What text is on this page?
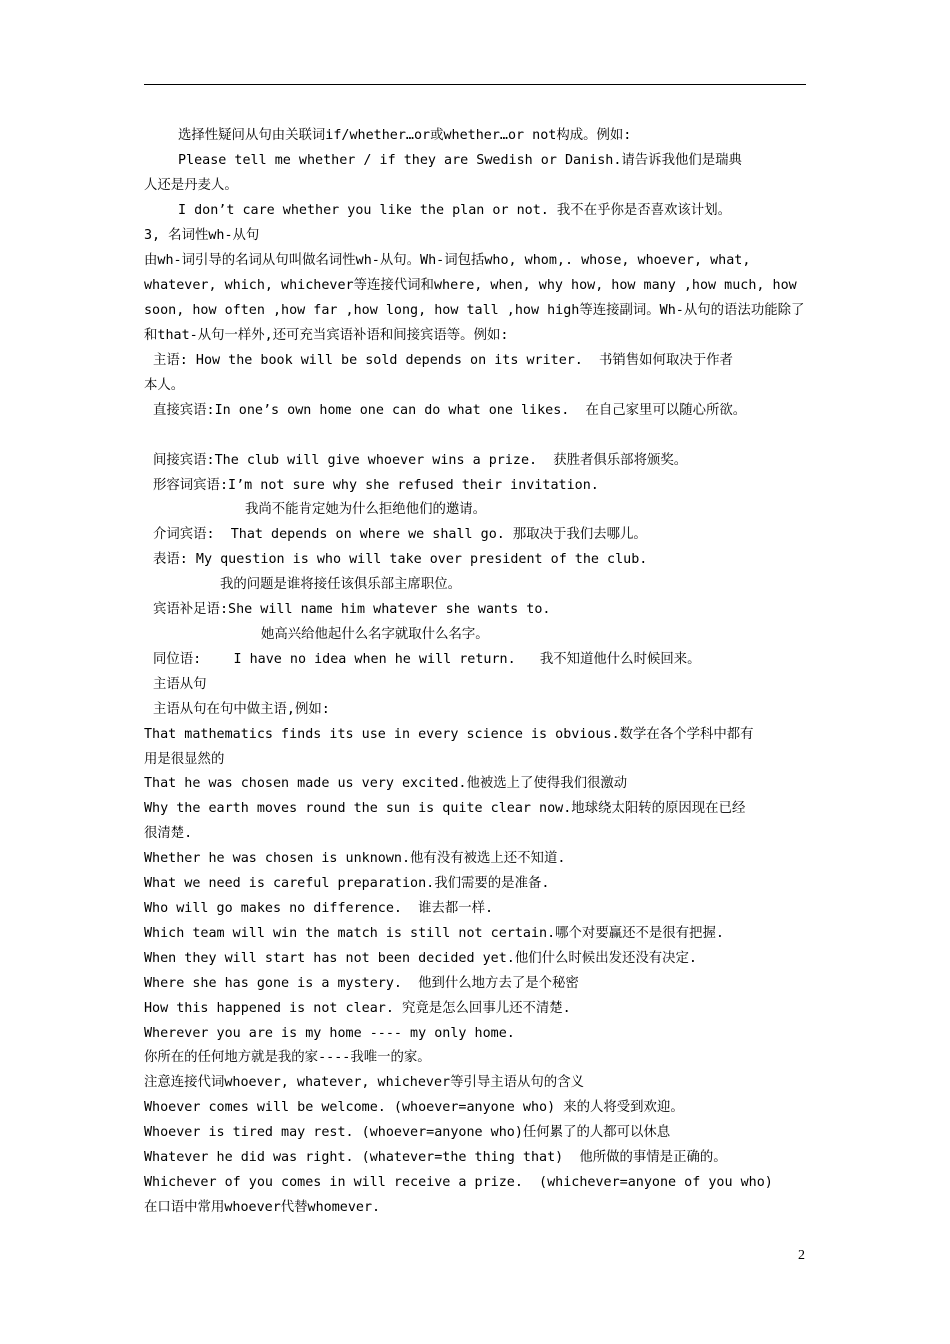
选择性疑问从句由关联词if/whether…or或whether…or not构成。例如:
Please tell me whether / if they are Swedish or Danish.请告诉我他们是瑞典
人还是丹麦人。
I don’t care whether you like the plan or not. 我不在乎你是否喜欢该计划。
3, 名词性wh-从句
由wh-词引导的名词从句叫做名词性wh-从句。Wh-词包括who, whom,. whose, whoever, what,
whatever, which, whichever等连接代词和where, when, why how, how many ,how much, how
soon, how often ,how far ,how long, how tall ,how high等连接副词。Wh-从句的语法功能除了
和that-从句一样外,还可充当宾语补语和间接宾语等。例如:
主语: How the book will be sold depends on its writer.  书销售如何取决于作者
本人。
直接宾语:In one’s own home one can do what one likes.  在自己家里可以随心所欲。
间接宾语:The club will give whoever wins a prize.  获胜者俱乐部将颁奖。
形容词宾语:I’m not sure why she refused their invitation.
我尚不能肯定她为什么拒绝他们的邀请。
介词宾语:  That depends on where we shall go. 那取决于我们去哪儿。
表语: My question is who will take over president of the club.
我的问题是谁将接任该俱乐部主席职位。
宾语补足语:She will name him whatever she wants to.
她高兴给他起什么名字就取什么名字。
同位语:    I have no idea when he will return.   我不知道他什么时候回来。
主语从句
主语从句在句中做主语,例如:
That mathematics finds its use in every science is obvious.数学在各个学科中都有
用是很显然的
That he was chosen made us very excited.他被选上了使得我们很激动
Why the earth moves round the sun is quite clear now.地球绕太阳转的原因现在已经
很清楚.
Whether he was chosen is unknown.他有没有被选上还不知道.
What we need is careful preparation.我们需要的是准备.
Who will go makes no difference.  谁去都一样.
Which team will win the match is still not certain.哪个对要赢还不是很有把握.
When they will start has not been decided yet.他们什么时候出发还没有决定.
Where she has gone is a mystery.  他到什么地方去了是个秘密
How this happened is not clear. 究竟是怎么回事儿还不清楚.
Wherever you are is my home ---- my only home.
你所在的任何地方就是我的家----我唯一的家。
注意连接代词whoever, whatever, whichever等引导主语从句的含义
Whoever comes will be welcome. (whoever=anyone who) 来的人将受到欢迎。
Whoever is tired may rest. (whoever=anyone who)任何累了的人都可以休息
Whatever he did was right. (whatever=the thing that)  他所做的事情是正确的。
Whichever of you comes in will receive a prize.  (whichever=anyone of you who)
在口语中常用whoever代替whomever.
2
